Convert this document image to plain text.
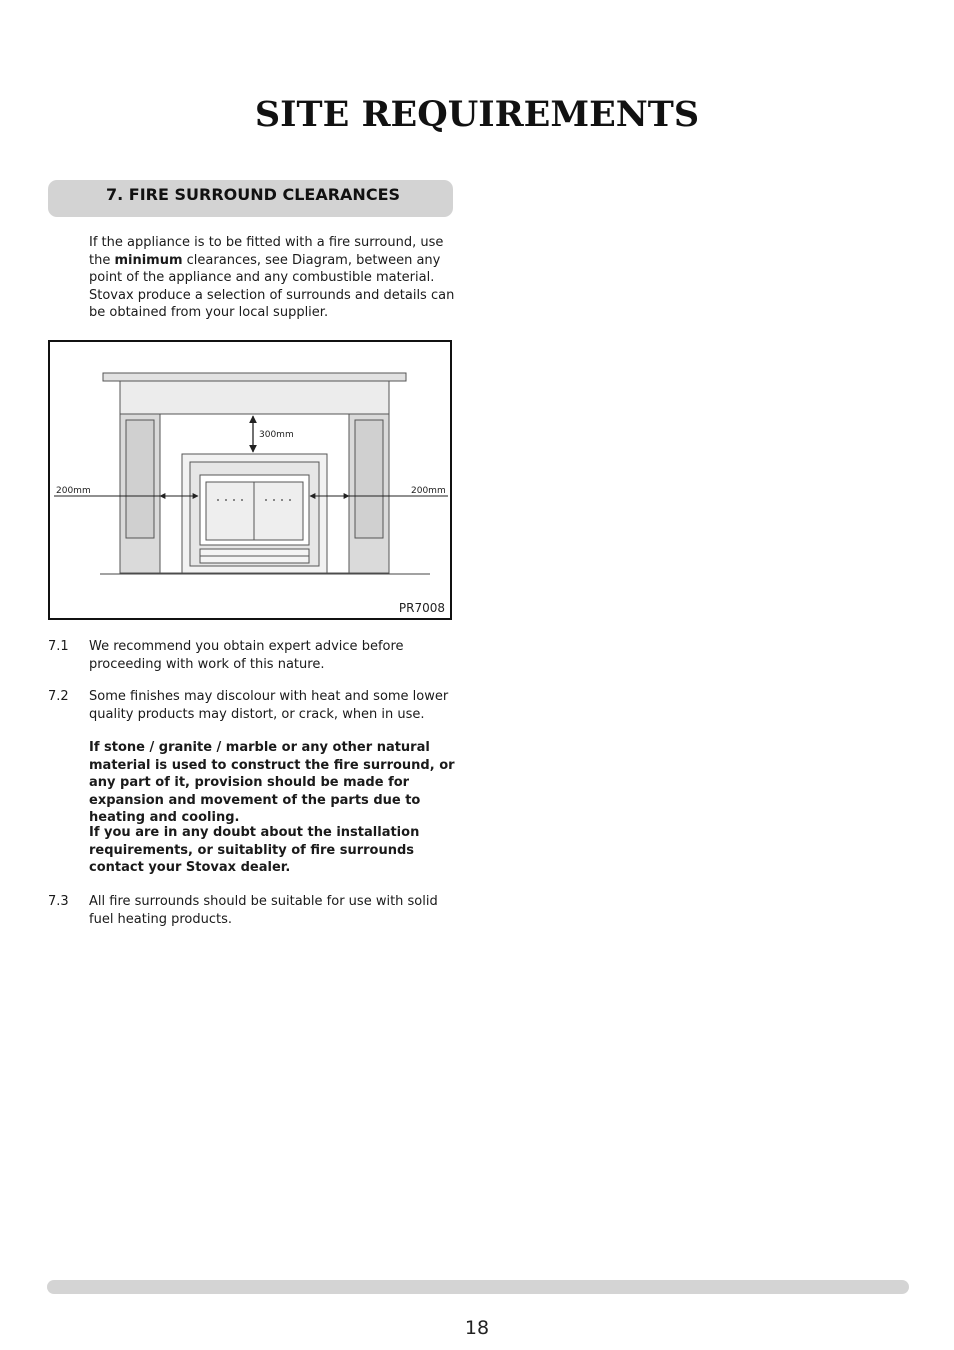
SITE REQUIREMENTS
7. FIRE SURROUND CLEARANCES

If the appliance is to be fitted with a fire surround, use the minimum clearances, see Diagram, between any point of the appliance and any combustible material. Stovax produce a selection of surrounds and details can be obtained from your local supplier.

300mm
200mm	200mm
PR7008
7.1	We recommend you obtain expert advice before proceeding with work of this nature.
7.2	Some finishes may discolour with heat and some lower quality products may distort, or crack, when in use.
If stone / granite / marble or any other natural material is used to construct the fire surround, or any part of it, provision should be made for expansion and movement of the parts due to heating and cooling.
If you are in any doubt about the installation requirements, or suitablity of fire surrounds contact your Stovax dealer.
7.3	All fire surrounds should be suitable for use with solid fuel heating products.
18
